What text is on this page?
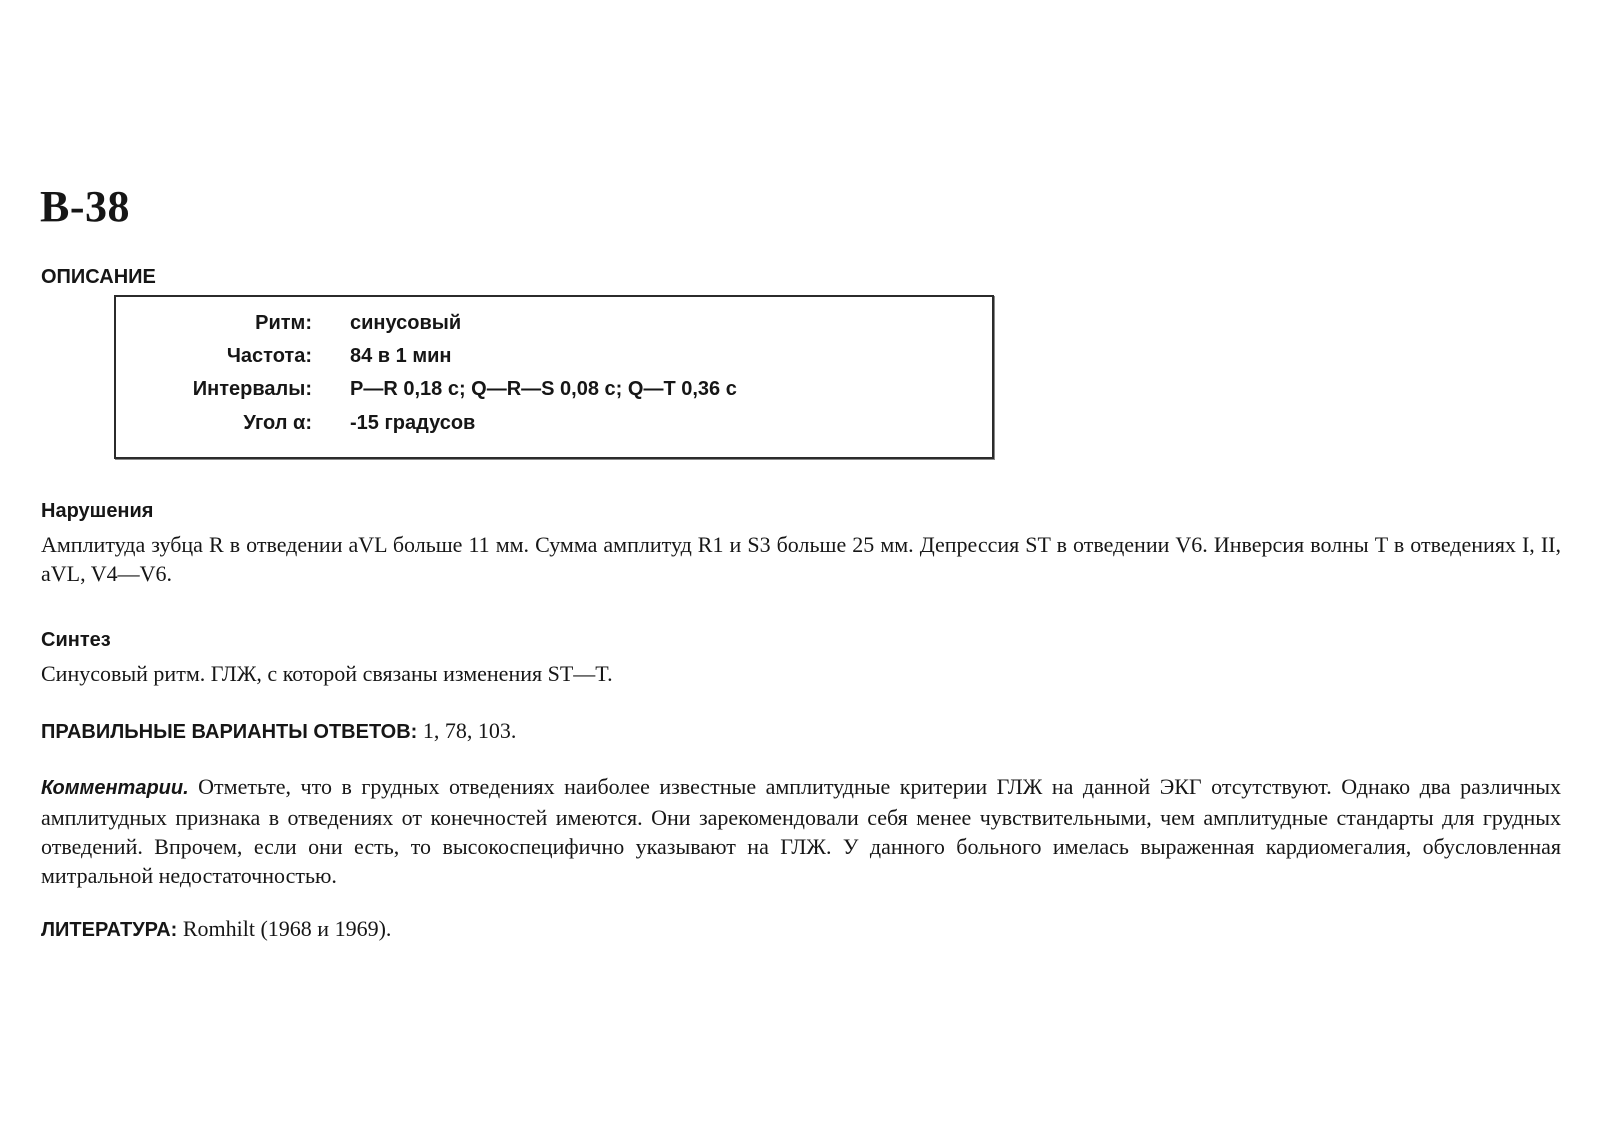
В-38
ОПИСАНИЕ
Ритм: синусовый
Частота: 84 в 1 мин
Интервалы: P—R 0,18 с; Q—R—S 0,08 с; Q—T 0,36 с
Угол α: -15 градусов
Нарушения

Амплитуда зубца R в отведении aVL больше 11 мм. Сумма амплитуд R1 и S3 больше 25 мм. Депрессия ST в отведении V6. Инверсия волны T в отведениях I, II, aVL, V4—V6.

Синтез

Синусовый ритм. ГЛЖ, с которой связаны изменения ST—T.

ПРАВИЛЬНЫЕ ВАРИАНТЫ ОТВЕТОВ: 1, 78, 103.

Комментарии. Отметьте, что в грудных отведениях наиболее известные амплитудные критерии ГЛЖ на данной ЭКГ отсутствуют. Однако два различных амплитудных признака в отведениях от конечностей имеются. Они зарекомендовали себя менее чувствительными, чем амплитудные стандарты для грудных отведений. Впрочем, если они есть, то высокоспецифично указывают на ГЛЖ. У данного больного имелась выраженная кардиомегалия, обусловленная митральной недостаточностью.

ЛИТЕРАТУРА: Romhilt (1968 и 1969).
